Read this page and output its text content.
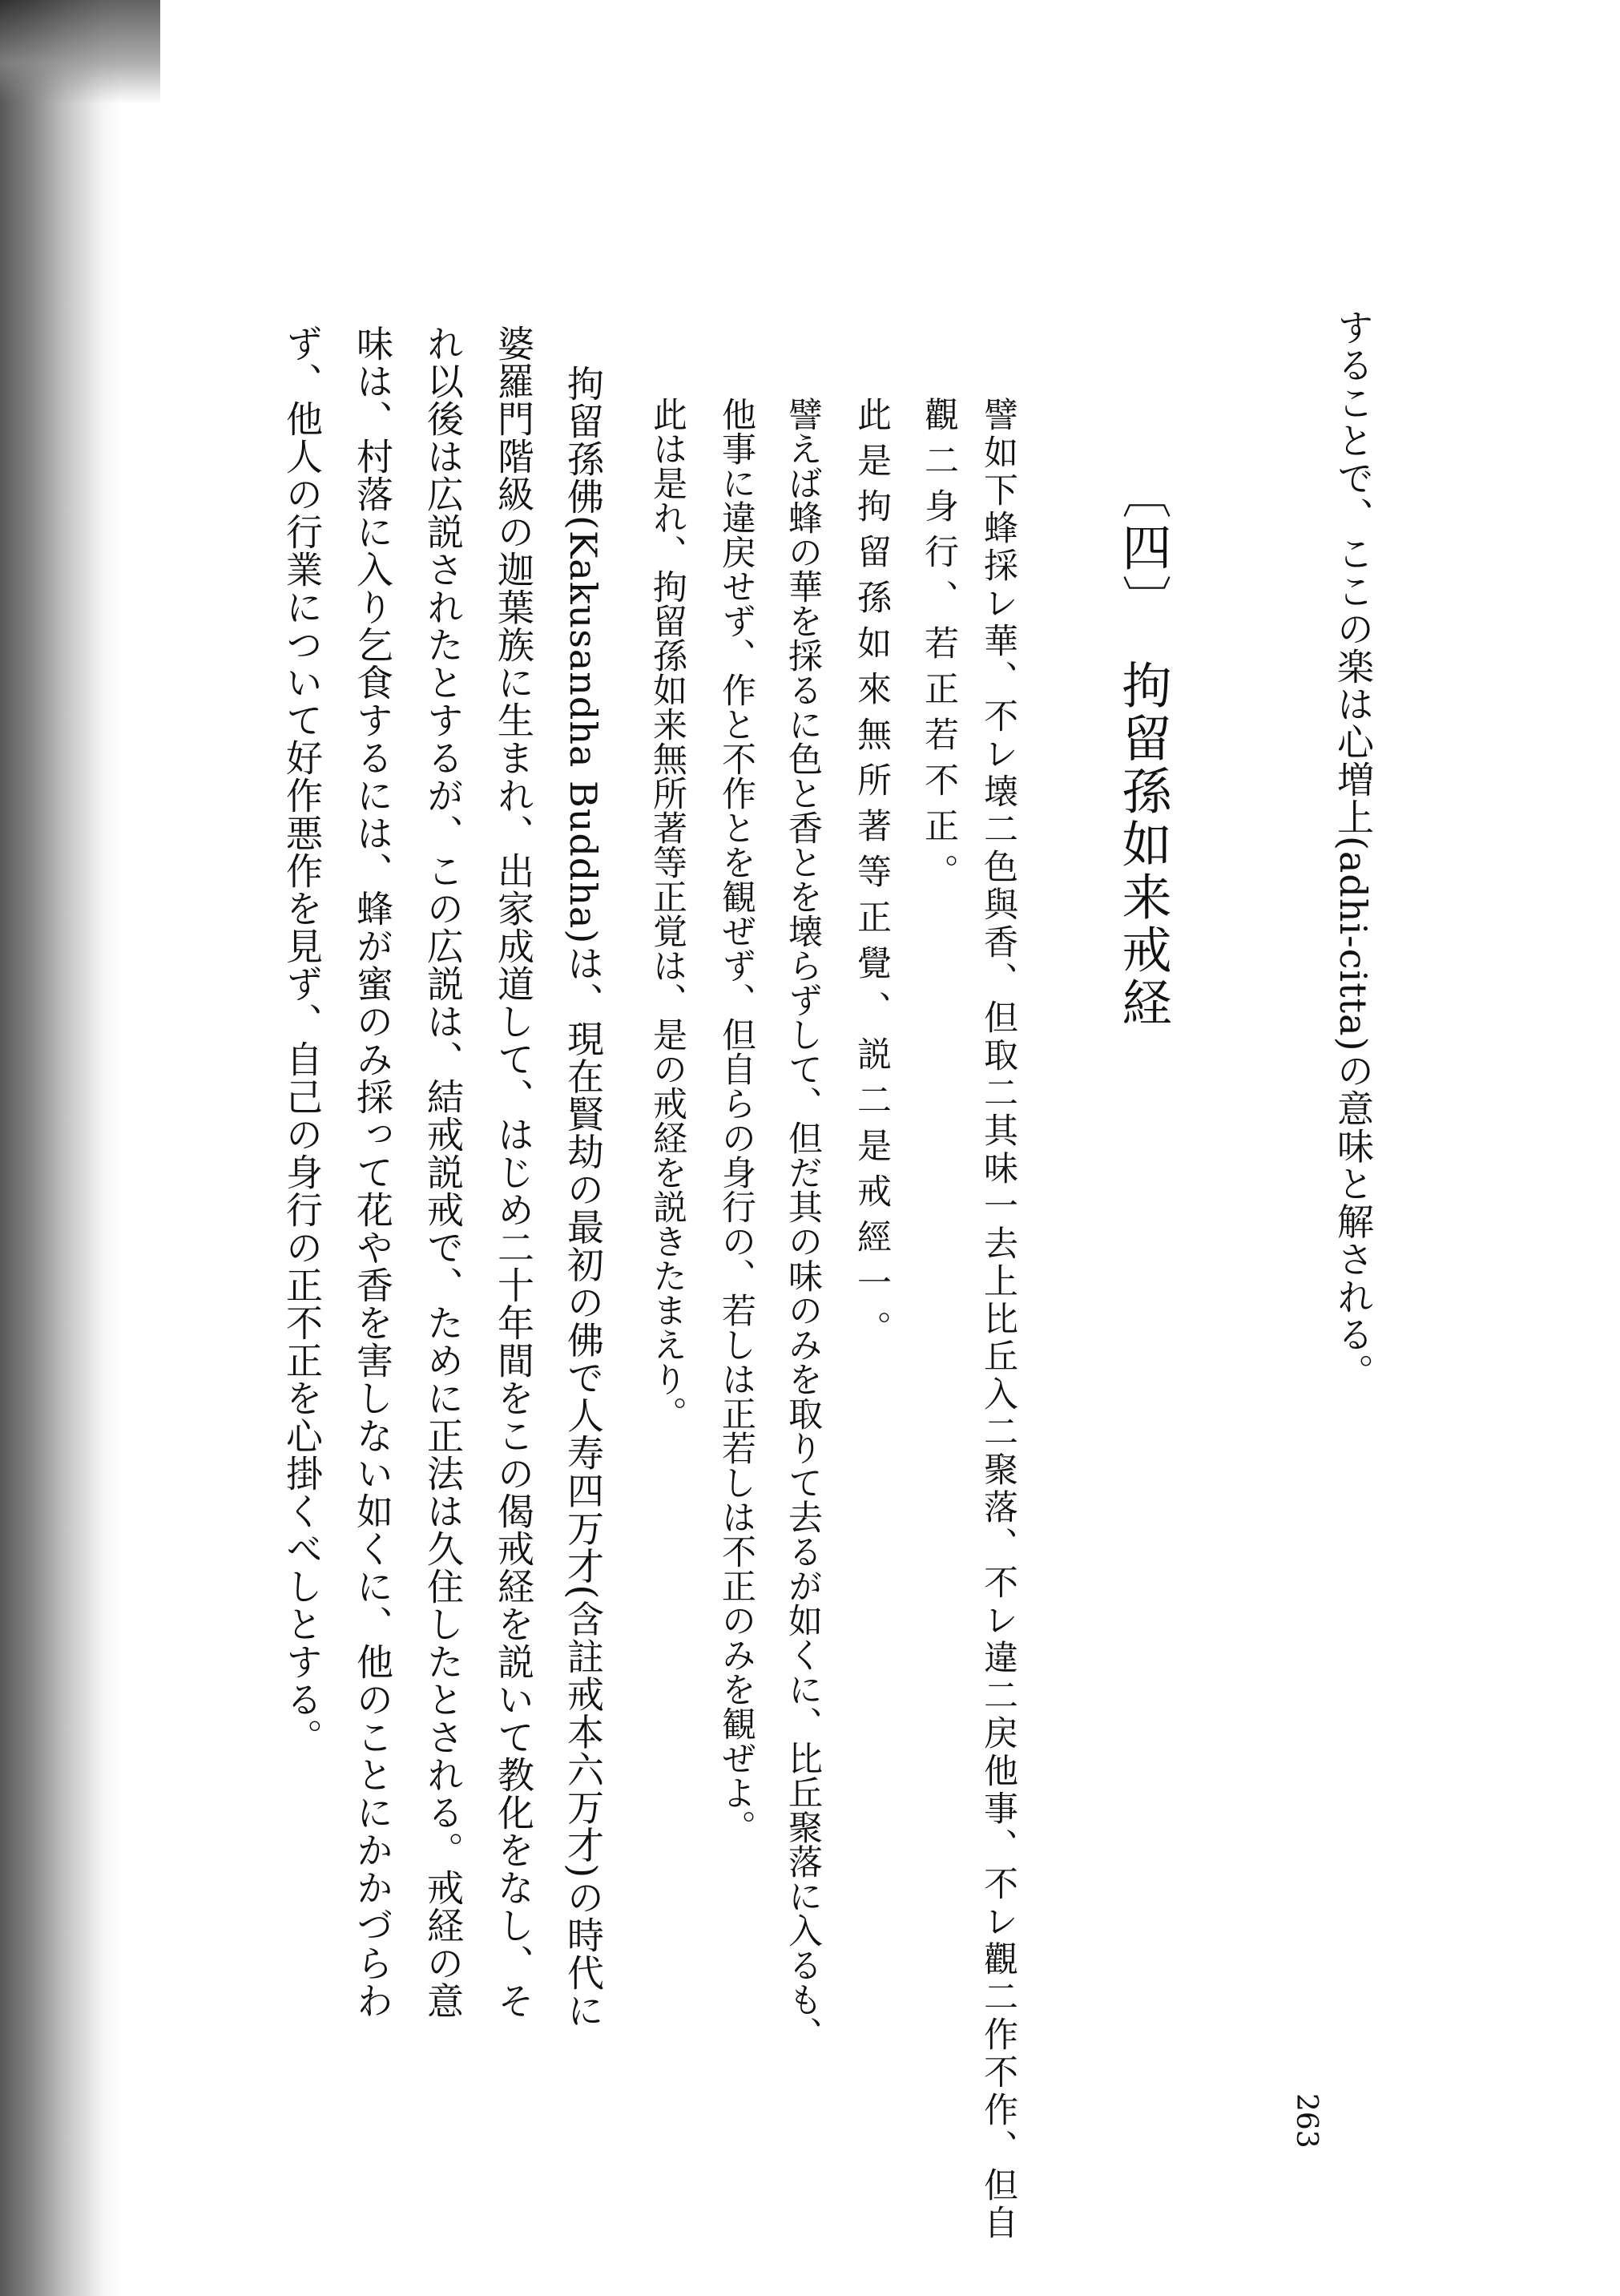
することで、ここの楽は心増上(adhi-citta)の意味と解される。
〔四〕拘留孫如来戒経
譬如下蜂採レ華、不レ壊二色與香、但取二其味一去上比丘入二聚落、不レ違二戻他事、不レ觀二作不作、但自
觀二身行、若正若不正。
此是拘留孫如來無所著等正覺、説二是戒經一。
譬えば蜂の華を採るに色と香とを壊らずして、但だ其の味のみを取りて去るが如くに、比丘聚落に入るも、
他事に違戻せず、作と不作とを観ぜず、但自らの身行の、若しは正若しは不正のみを観ぜよ。
此は是れ、拘留孫如来無所著等正覚は、是の戒経を説きたまえり。
拘留孫佛(Kakusandha Buddha)は、現在賢劫の最初の佛で人寿四万才(含註戒本六万才)の時代に
婆羅門階級の迦葉族に生まれ、出家成道して、はじめ二十年間をこの偈戒経を説いて教化をなし、そ
れ以後は広説されたとするが、この広説は、結戒説戒で、ために正法は久住したとされる。戒経の意
味は、村落に入り乞食するには、蜂が蜜のみ採って花や香を害しない如くに、他のことにかかづらわ
ず、他人の行業について好作悪作を見ず、自己の身行の正不正を心掛くべしとする。
263
